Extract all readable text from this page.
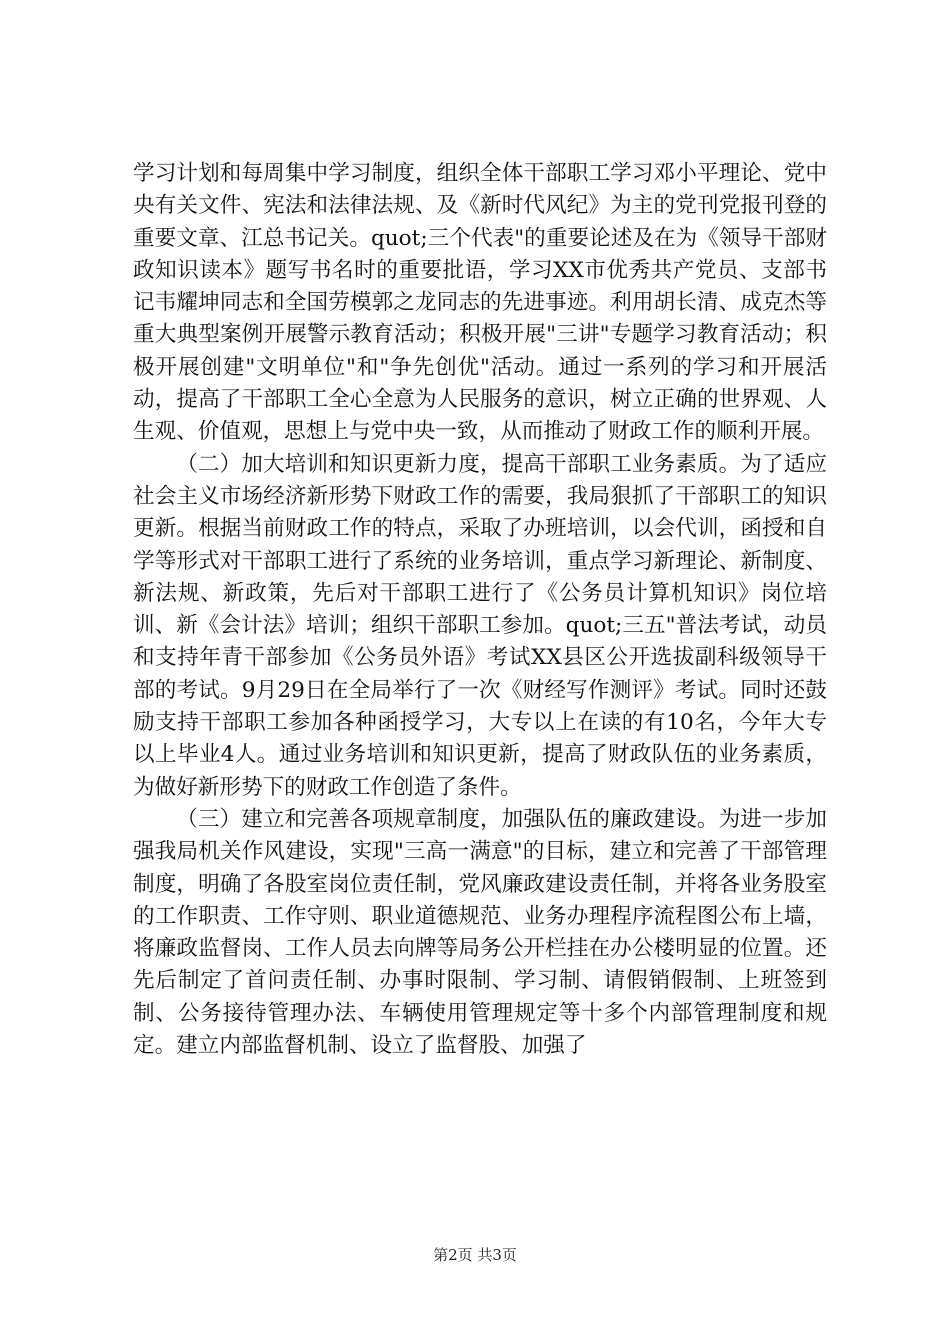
学习计划和每周集中学习制度，组织全体干部职工学习邓小平理论、党中央有关文件、宪法和法律法规、及《新时代风纪》为主的党刊党报刊登的重要文章、江总书记关。quot;三个代表"的重要论述及在为《领导干部财政知识读本》题写书名时的重要批语，学习XX市优秀共产党员、支部书记韦耀坤同志和全国劳模郭之龙同志的先进事迹。利用胡长清、成克杰等重大典型案例开展警示教育活动；积极开展"三讲"专题学习教育活动；积极开展创建"文明单位"和"争先创优"活动。通过一系列的学习和开展活动，提高了干部职工全心全意为人民服务的意识，树立正确的世界观、人生观、价值观，思想上与党中央一致，从而推动了财政工作的顺利开展。

（二）加大培训和知识更新力度，提高干部职工业务素质。为了适应社会主义市场经济新形势下财政工作的需要，我局狠抓了干部职工的知识更新。根据当前财政工作的特点，采取了办班培训，以会代训，函授和自学等形式对干部职工进行了系统的业务培训，重点学习新理论、新制度、新法规、新政策，先后对干部职工进行了《公务员计算机知识》岗位培训、新《会计法》培训；组织干部职工参加。quot;三五"普法考试，动员和支持年青干部参加《公务员外语》考试XX县区公开选拔副科级领导干部的考试。9月29日在全局举行了一次《财经写作测评》考试。同时还鼓励支持干部职工参加各种函授学习，大专以上在读的有10名，今年大专以上毕业4人。通过业务培训和知识更新，提高了财政队伍的业务素质，为做好新形势下的财政工作创造了条件。

（三）建立和完善各项规章制度，加强队伍的廉政建设。为进一步加强我局机关作风建设，实现"三高一满意"的目标，建立和完善了干部管理制度，明确了各股室岗位责任制，党风廉政建设责任制，并将各业务股室的工作职责、工作守则、职业道德规范、业务办理程序流程图公布上墙，将廉政监督岗、工作人员去向牌等局务公开栏挂在办公楼明显的位置。还先后制定了首问责任制、办事时限制、学习制、请假销假制、上班签到制、公务接待管理办法、车辆使用管理规定等十多个内部管理制度和规定。建立内部监督机制、设立了监督股、加强了

第2页 共3页
